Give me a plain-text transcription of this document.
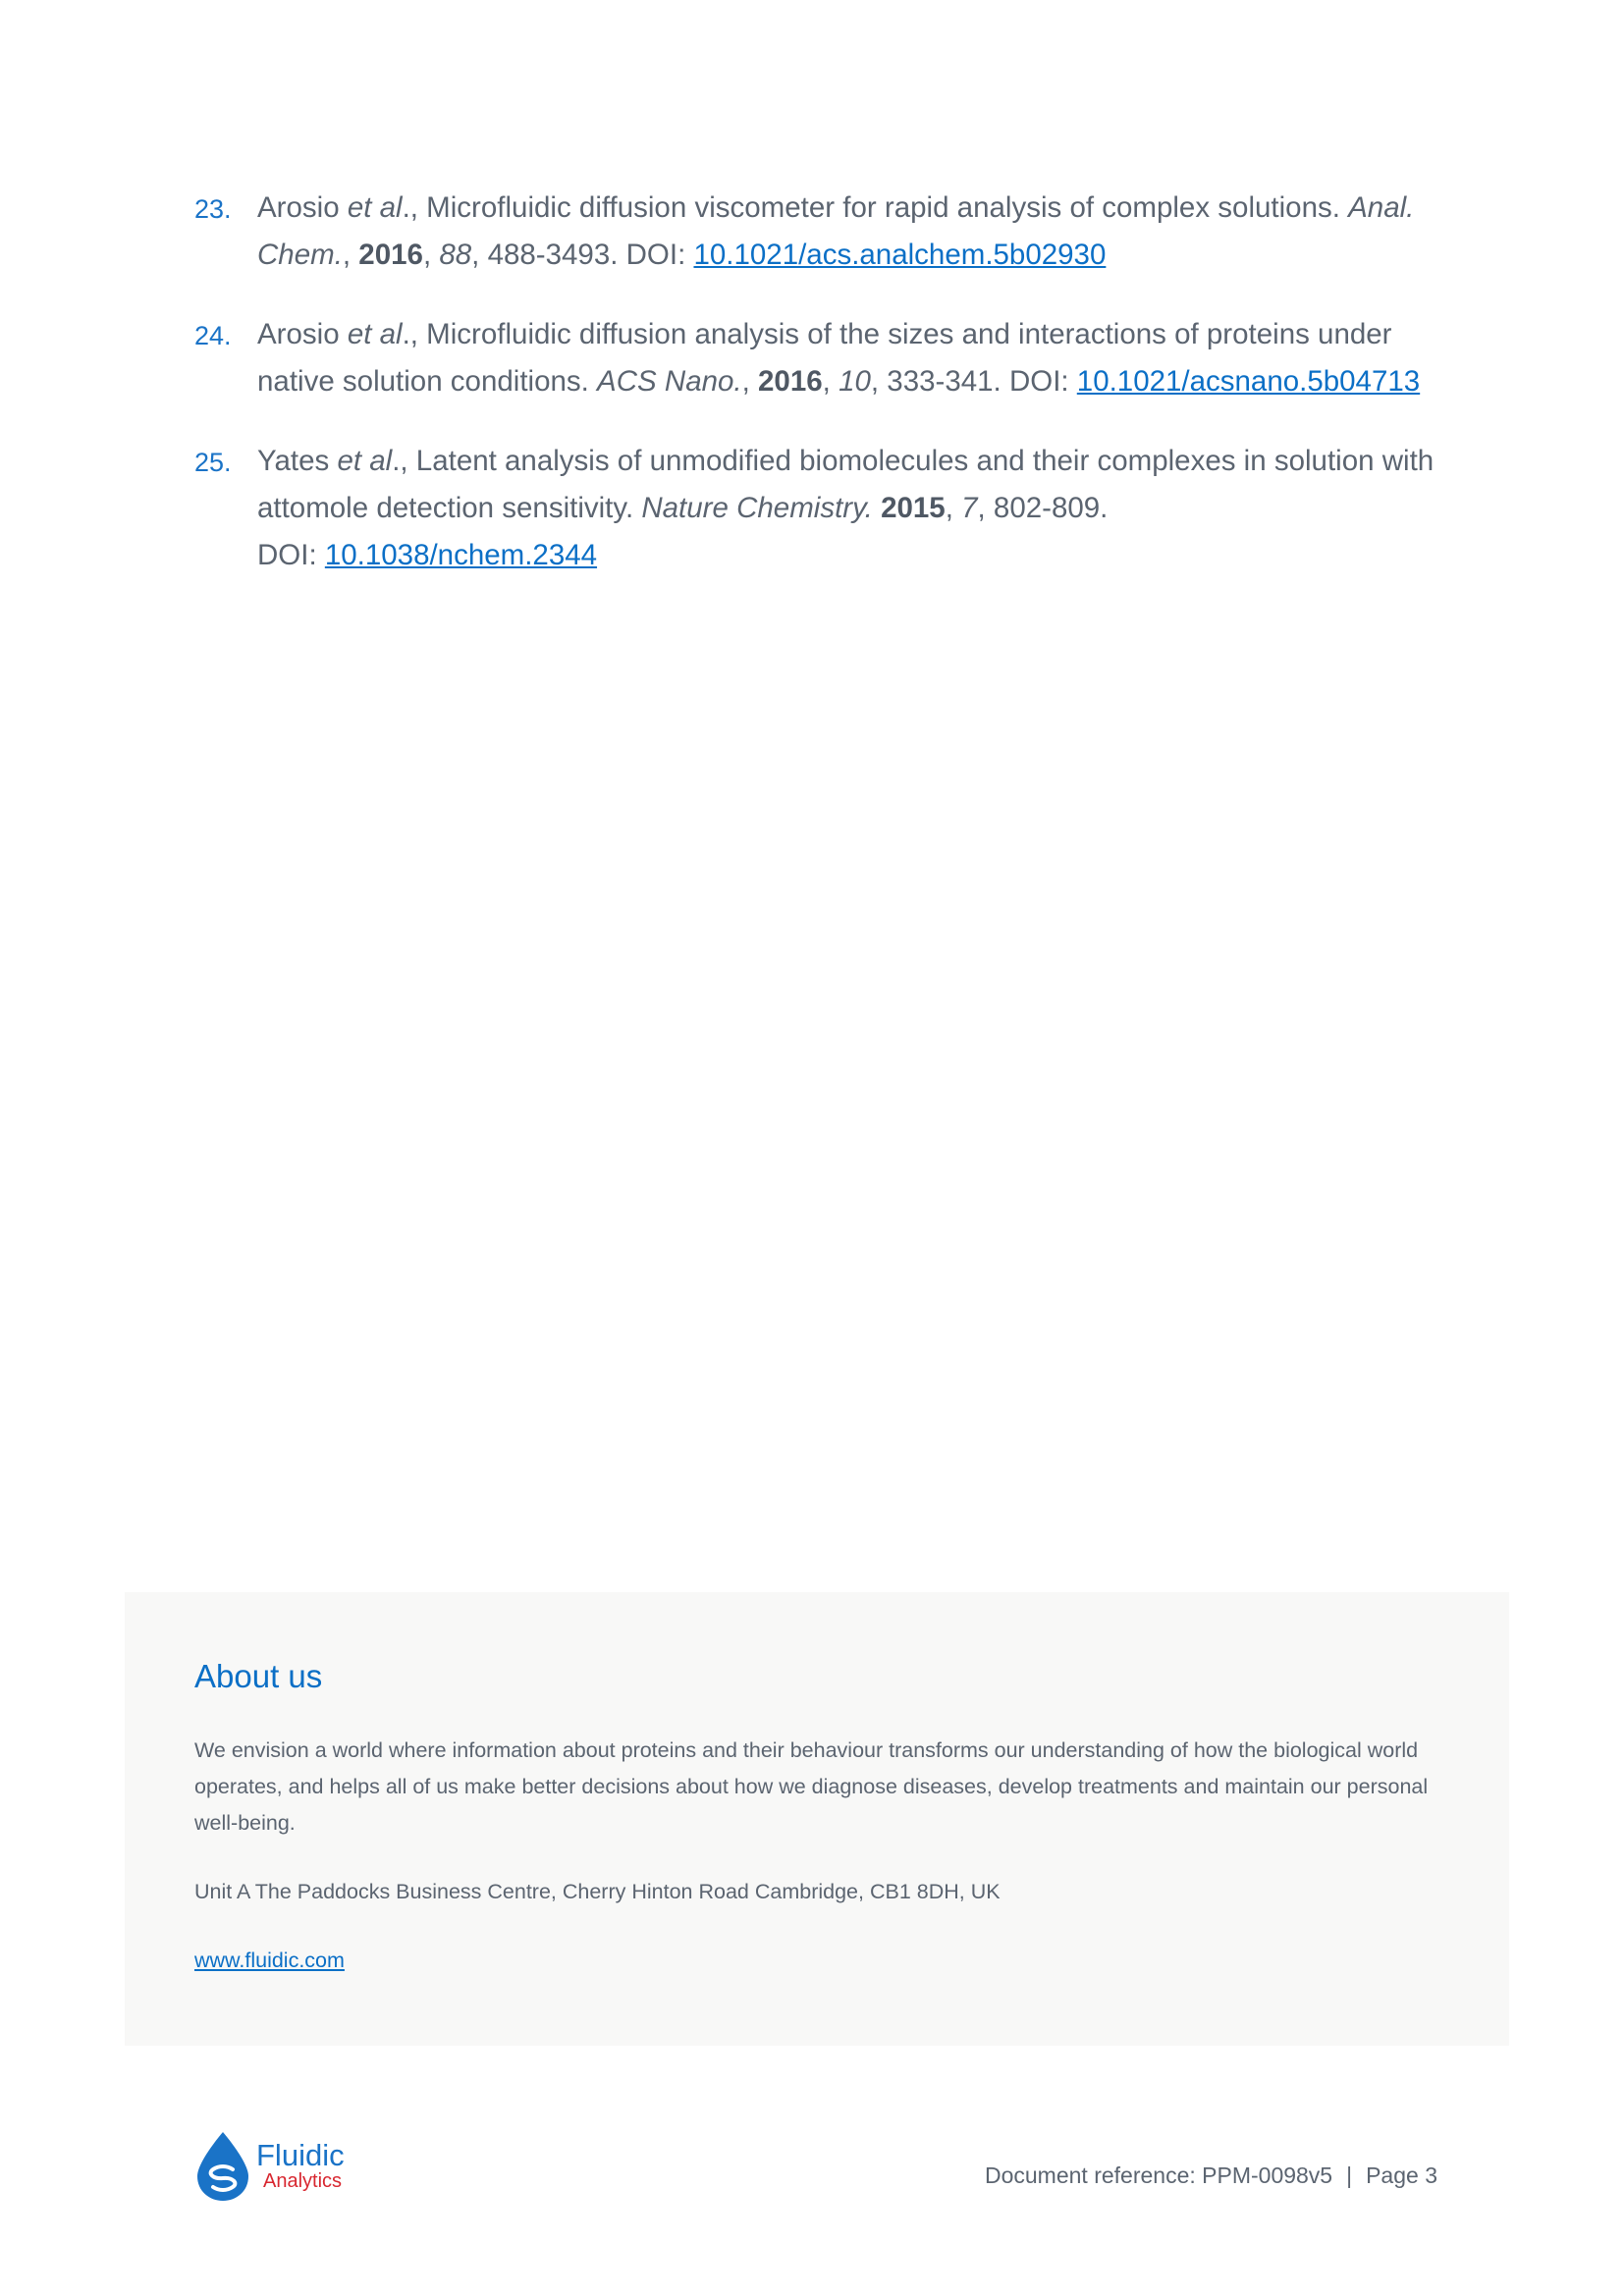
23. Arosio et al., Microfluidic diffusion viscometer for rapid analysis of complex solutions. Anal. Chem., 2016, 88, 488-3493. DOI: 10.1021/acs.analchem.5b02930
24. Arosio et al., Microfluidic diffusion analysis of the sizes and interactions of proteins under native solution conditions. ACS Nano., 2016, 10, 333-341. DOI: 10.1021/acsnano.5b04713
25. Yates et al., Latent analysis of unmodified biomolecules and their complexes in solution with attomole detection sensitivity. Nature Chemistry. 2015, 7, 802-809.
DOI: 10.1038/nchem.2344
About us

We envision a world where information about proteins and their behaviour transforms our understanding of how the biological world operates, and helps all of us make better decisions about how we diagnose diseases, develop treatments and maintain our personal well-being.

Unit A The Paddocks Business Centre, Cherry Hinton Road Cambridge, CB1 8DH, UK

www.fluidic.com

Fluidic
Analytics	Document reference: PPM-0098v5 | Page 3
